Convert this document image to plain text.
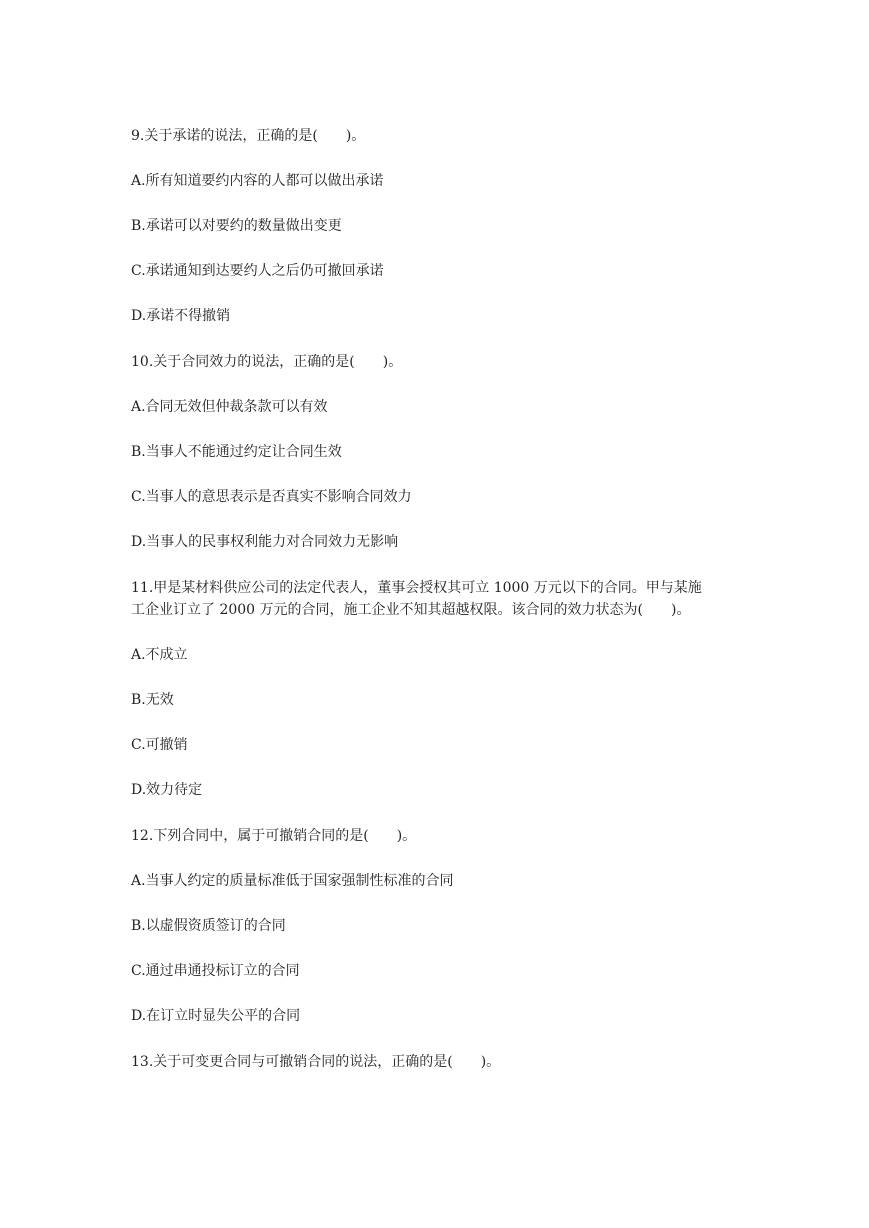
9.关于承诺的说法，正确的是(　　)。
A.所有知道要约内容的人都可以做出承诺
B.承诺可以对要约的数量做出变更
C.承诺通知到达要约人之后仍可撤回承诺
D.承诺不得撤销
10.关于合同效力的说法，正确的是(　　)。
A.合同无效但仲裁条款可以有效
B.当事人不能通过约定让合同生效
C.当事人的意思表示是否真实不影响合同效力
D.当事人的民事权利能力对合同效力无影响
11.甲是某材料供应公司的法定代表人，董事会授权其可立 1000 万元以下的合同。甲与某施
工企业订立了 2000 万元的合同，施工企业不知其超越权限。该合同的效力状态为(　　)。
A.不成立
B.无效
C.可撤销
D.效力待定
12.下列合同中，属于可撤销合同的是(　　)。
A.当事人约定的质量标准低于国家强制性标准的合同
B.以虚假资质签订的合同
C.通过串通投标订立的合同
D.在订立时显失公平的合同
13.关于可变更合同与可撤销合同的说法，正确的是(　　)。
